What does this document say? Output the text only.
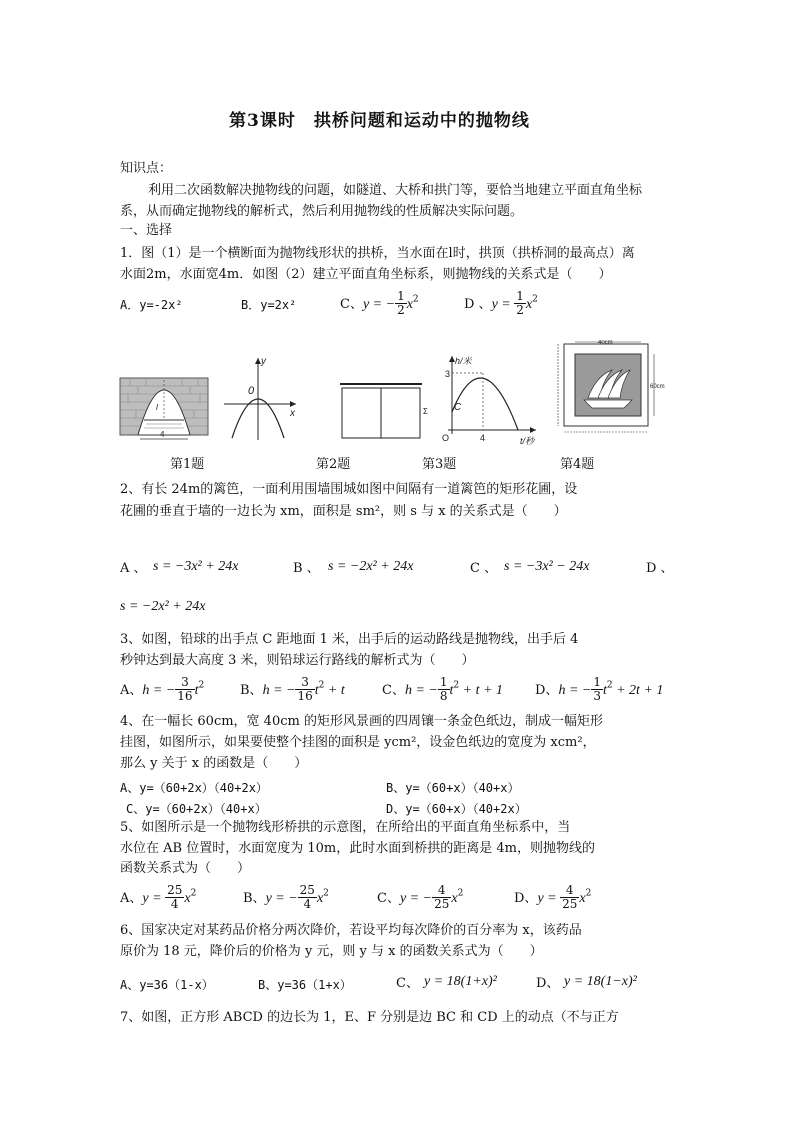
第3课时　拱桥问题和运动中的抛物线
知识点：
利用二次函数解决抛物线的问题，如隧道、大桥和拱门等，要恰当地建立平面直角坐标
系，从而确定抛物线的解析式，然后利用抛物线的性质解决实际问题。
一、选择
1．图（1）是一个横断面为抛物线形状的拱桥，当水面在l时，拱顶（拱桥洞的最高点）离
水面2m，水面宽4m．如图（2）建立平面直角坐标系，则抛物线的关系式是（　　）
A．y=-2x²	B．y=2x²	C、y = − $\frac{1}{2} x^2$	D 、$y = \frac{1}{2} x^2$
4
l
x
y
0
Σ
h/米
t/秒
3
4
O
C
40cm
60cm
第1题	第2题	第3题	第4题
2、有长 24m的篱笆，一面利用围墙围城如图中间隔有一道篱笆的矩形花圃，设
花圃的垂直于墙的一边长为 xm，面积是 sm²，则 s 与 x 的关系式是（　　）
A 、 s = −3x² + 24x	B 、 s = −2x² + 24x	C 、 s = −3x² − 24x	D 、
s = −2x² + 24x
3、如图，铅球的出手点 C 距地面 1 米，出手后的运动路线是抛物线，出手后 4
秒钟达到最大高度 3 米，则铅球运行路线的解析式为（　　）
A、h = − $\frac{3}{16} t^2$	B、h = − $\frac{3}{16} t^2 + t$	C、h = − $\frac{1}{8} t^2 + t + 1$ D、h = − $\frac{1}{3} t^2 + 2t + 1$
4、在一幅长 60cm，宽 40cm 的矩形风景画的四周镶一条金色纸边，制成一幅矩形
挂图，如图所示，如果要使整个挂图的面积是 ycm²，设金色纸边的宽度为 xcm²，
那么 y 关于 x 的函数是（　　）
A、y=（60+2x）（40+2x）	B、y=（60+x）（40+x）
C、y=（60+2x）（40+x）	D、y=（60+x）（40+2x）
5、如图所示是一个抛物线形桥拱的示意图，在所给出的平面直角坐标系中，当
水位在 AB 位置时，水面宽度为 10m，此时水面到桥拱的距离是 4m，则抛物线的
函数关系式为（　　）
A、$y = \frac{25}{4} x^2$	B、y = − $\frac{25}{4} x^2$	C、y = − $\frac{4}{25} x^2$	D、$y = \frac{4}{25} x^2$
6、国家决定对某药品价格分两次降价，若设平均每次降价的百分率为 x，该药品
原价为 18 元，降价后的价格为 y 元，则 y 与 x 的函数关系式为（　　）
A、y=36（1-x）	B、y=36（1+x）	C、 y = 18(1+x)²	D、 y = 18(1−x)²
7、如图，正方形 ABCD 的边长为 1，E、F 分别是边 BC 和 CD 上的动点（不与正方
